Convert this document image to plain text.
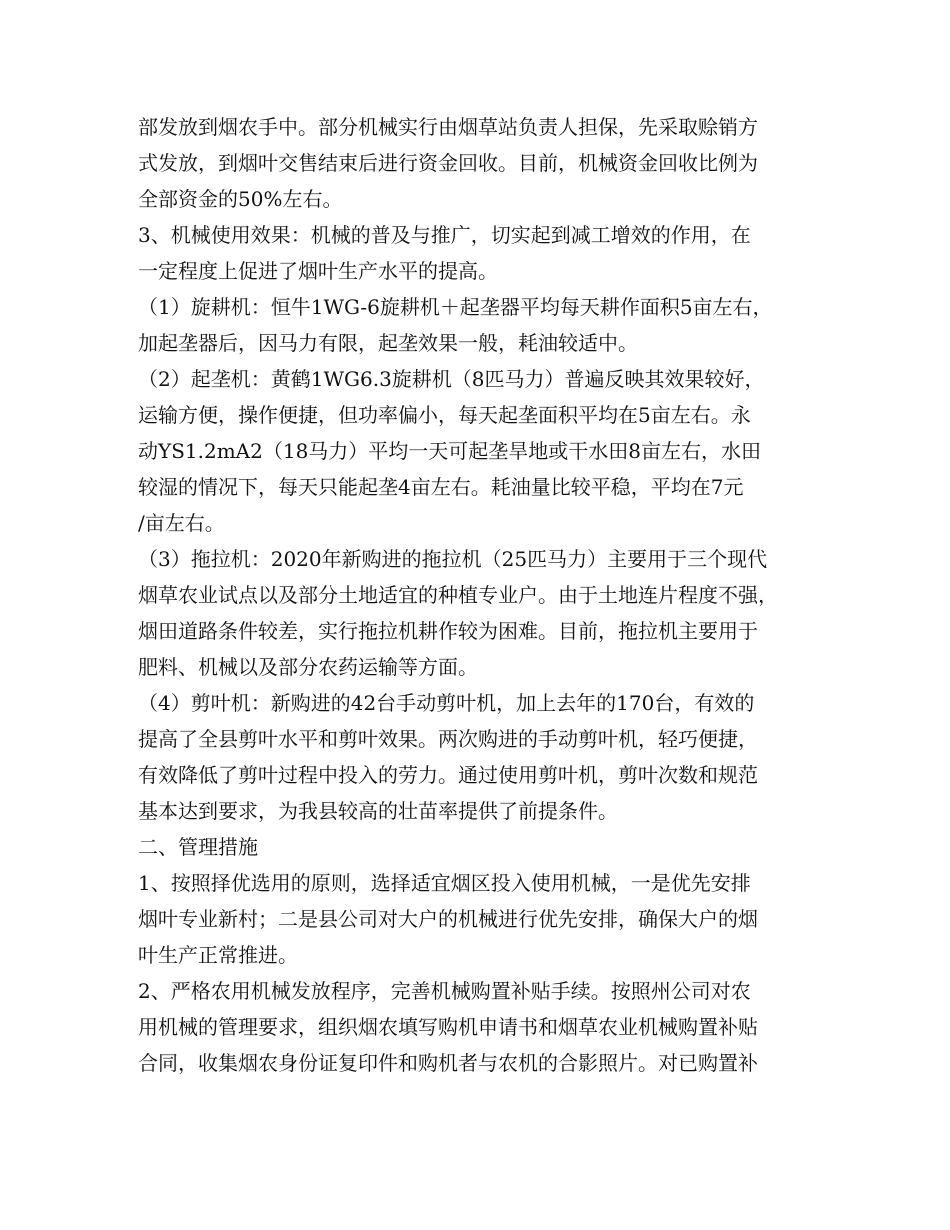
部发放到烟农手中。部分机械实行由烟草站负责人担保，先采取赊销方
式发放，到烟叶交售结束后进行资金回收。目前，机械资金回收比例为
全部资金的50%左右。
3、机械使用效果：机械的普及与推广，切实起到减工增效的作用，在
一定程度上促进了烟叶生产水平的提高。
（1）旋耕机：恒牛1WG-6旋耕机＋起垄器平均每天耕作面积5亩左右，
加起垄器后，因马力有限，起垄效果一般，耗油较适中。
（2）起垄机：黄鹤1WG6.3旋耕机（8匹马力）普遍反映其效果较好，
运输方便，操作便捷，但功率偏小，每天起垄面积平均在5亩左右。永
动YS1.2mA2（18马力）平均一天可起垄旱地或干水田8亩左右，水田
较湿的情况下，每天只能起垄4亩左右。耗油量比较平稳，平均在7元
/亩左右。
（3）拖拉机：2020年新购进的拖拉机（25匹马力）主要用于三个现代
烟草农业试点以及部分土地适宜的种植专业户。由于土地连片程度不强，
烟田道路条件较差，实行拖拉机耕作较为困难。目前，拖拉机主要用于
肥料、机械以及部分农药运输等方面。
（4）剪叶机：新购进的42台手动剪叶机，加上去年的170台，有效的
提高了全县剪叶水平和剪叶效果。两次购进的手动剪叶机，轻巧便捷，
有效降低了剪叶过程中投入的劳力。通过使用剪叶机，剪叶次数和规范
基本达到要求，为我县较高的壮苗率提供了前提条件。
二、管理措施
1、按照择优选用的原则，选择适宜烟区投入使用机械，一是优先安排
烟叶专业新村；二是县公司对大户的机械进行优先安排，确保大户的烟
叶生产正常推进。
2、严格农用机械发放程序，完善机械购置补贴手续。按照州公司对农
用机械的管理要求，组织烟农填写购机申请书和烟草农业机械购置补贴
合同，收集烟农身份证复印件和购机者与农机的合影照片。对已购置补
